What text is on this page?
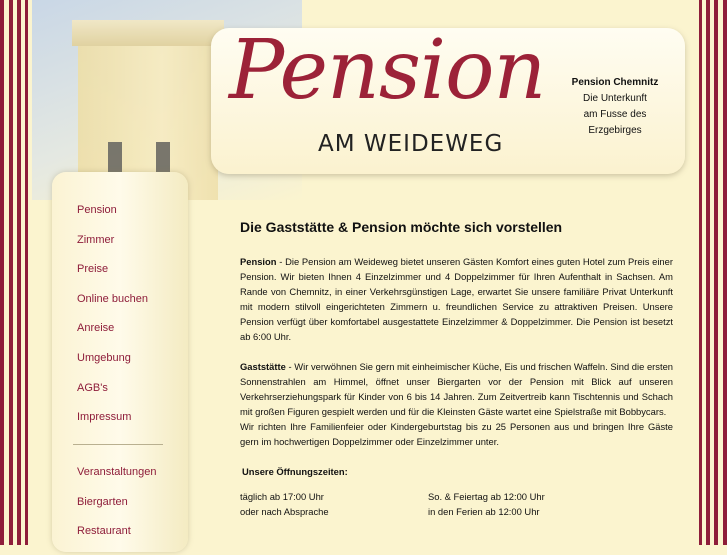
Pension
AM WEIDEWEG
Pension Chemnitz
Die Unterkunft
am Fusse des
Erzgebirges
Pension
Zimmer
Preise
Online buchen
Anreise
Umgebung
AGB's
Impressum
Veranstaltungen
Biergarten
Restaurant
Die Gaststätte & Pension möchte sich vorstellen

Pension - Die Pension am Weideweg bietet unseren Gästen Komfort eines guten Hotel zum Preis einer Pension. Wir bieten Ihnen 4 Einzelzimmer und 4 Doppelzimmer für Ihren Aufenthalt in Sachsen. Am Rande von Chemnitz, in einer Verkehrsgünstigen Lage, erwartet Sie unsere familiäre Privat Unterkunft mit modern stilvoll eingerichteten Zimmern u. freundlichen Service zu attraktiven Preisen. Unsere Pension verfügt über komfortabel ausgestattete Einzelzimmer & Doppelzimmer. Die Pension ist besetzt ab 6:00 Uhr.

Gaststätte - Wir verwöhnen Sie gern mit einheimischer Küche, Eis und frischen Waffeln. Sind die ersten Sonnenstrahlen am Himmel, öffnet unser Biergarten vor der Pension mit Blick auf unseren Verkehrserziehungspark für Kinder von 6 bis 14 Jahren. Zum Zeitvertreib kann Tischtennis und Schach mit großen Figuren gespielt werden und für die Kleinsten Gäste wartet eine Spielstraße mit Bobbycars.
Wir richten Ihre Familienfeier oder Kindergeburtstag bis zu 25 Personen aus und bringen Ihre Gäste gern im hochwertigen Doppelzimmer oder Einzelzimmer unter.

Unsere Öffnungszeiten:
täglich ab 17:00 Uhr
oder nach Absprache
So. & Feiertag ab 12:00 Uhr
in den Ferien ab 12:00 Uhr
